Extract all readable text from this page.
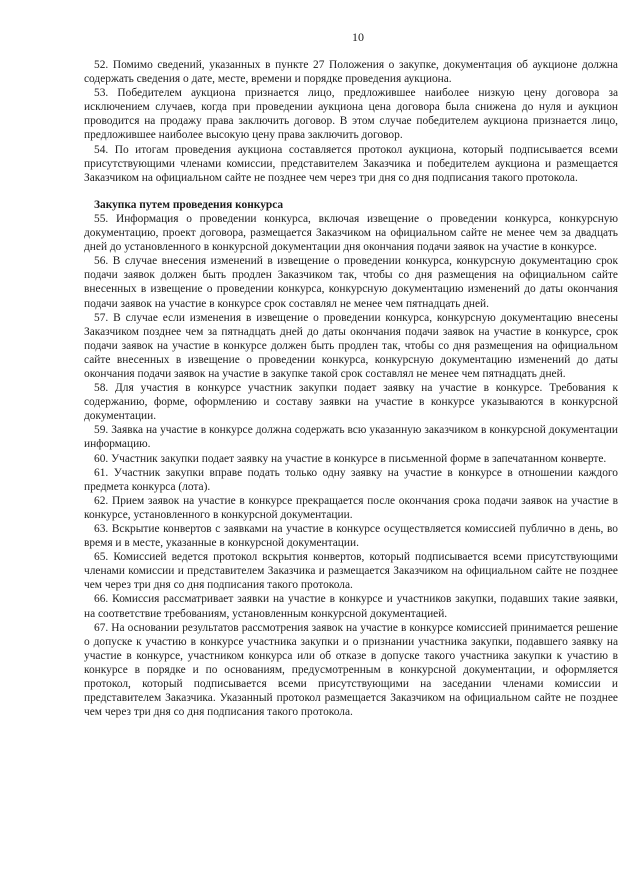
10

52. Помимо сведений, указанных в пункте 27 Положения о закупке, документация об аукционе должна содержать сведения о дате, месте, времени и порядке проведения аукциона.

53. Победителем аукциона признается лицо, предложившее наиболее низкую цену договора за исключением случаев, когда при проведении аукциона цена договора была снижена до нуля и аукцион проводится на продажу права заключить договор. В этом случае победителем аукциона признается лицо, предложившее наиболее высокую цену права заключить договор.

54. По итогам проведения аукциона составляется протокол аукциона, который подписывается всеми присутствующими членами комиссии, представителем Заказчика и победителем аукциона и размещается Заказчиком на официальном сайте не позднее чем через три дня со дня подписания такого протокола.

Закупка путем проведения конкурса

55. Информация о проведении конкурса, включая извещение о проведении конкурса, конкурсную документацию, проект договора, размещается Заказчиком на официальном сайте не менее чем за двадцать дней до установленного в конкурсной документации дня окончания подачи заявок на участие в конкурсе.

56. В случае внесения изменений в извещение о проведении конкурса, конкурсную документацию срок подачи заявок должен быть продлен Заказчиком так, чтобы со дня размещения на официальном сайте внесенных в извещение о проведении конкурса, конкурсную документацию изменений до даты окончания подачи заявок на участие в конкурсе срок составлял не менее чем пятнадцать дней.

57. В случае если изменения в извещение о проведении конкурса, конкурсную документацию внесены Заказчиком позднее чем за пятнадцать дней до даты окончания подачи заявок на участие в конкурсе, срок подачи заявок на участие в конкурсе должен быть продлен так, чтобы со дня размещения на официальном сайте внесенных в извещение о проведении конкурса, конкурсную документацию изменений до даты окончания подачи заявок на участие в закупке такой срок составлял не менее чем пятнадцать дней.

58. Для участия в конкурсе участник закупки подает заявку на участие в конкурсе. Требования к содержанию, форме, оформлению и составу заявки на участие в конкурсе указываются в конкурсной документации.

59. Заявка на участие в конкурсе должна содержать всю указанную заказчиком в конкурсной документации информацию.

60. Участник закупки подает заявку на участие в конкурсе в письменной форме в запечатанном конверте.

61. Участник закупки вправе подать только одну заявку на участие в конкурсе в отношении каждого предмета конкурса (лота).

62. Прием заявок на участие в конкурсе прекращается после окончания срока подачи заявок на участие в конкурсе, установленного в конкурсной документации.

63. Вскрытие конвертов с заявками на участие в конкурсе осуществляется комиссией публично в день, во время и в месте, указанные в конкурсной документации.

65. Комиссией ведется протокол вскрытия конвертов, который подписывается всеми присутствующими членами комиссии и представителем Заказчика и размещается Заказчиком на официальном сайте не позднее чем через три дня со дня подписания такого протокола.

66. Комиссия рассматривает заявки на участие в конкурсе и участников закупки, подавших такие заявки, на соответствие требованиям, установленным конкурсной документацией.

67. На основании результатов рассмотрения заявок на участие в конкурсе комиссией принимается решение о допуске к участию в конкурсе участника закупки и о признании участника закупки, подавшего заявку на участие в конкурсе, участником конкурса или об отказе в допуске такого участника закупки к участию в конкурсе в порядке и по основаниям, предусмотренным в конкурсной документации, и оформляется протокол, который подписывается всеми присутствующими на заседании членами комиссии и представителем Заказчика. Указанный протокол размещается Заказчиком на официальном сайте не позднее чем через три дня со дня подписания такого протокола.
